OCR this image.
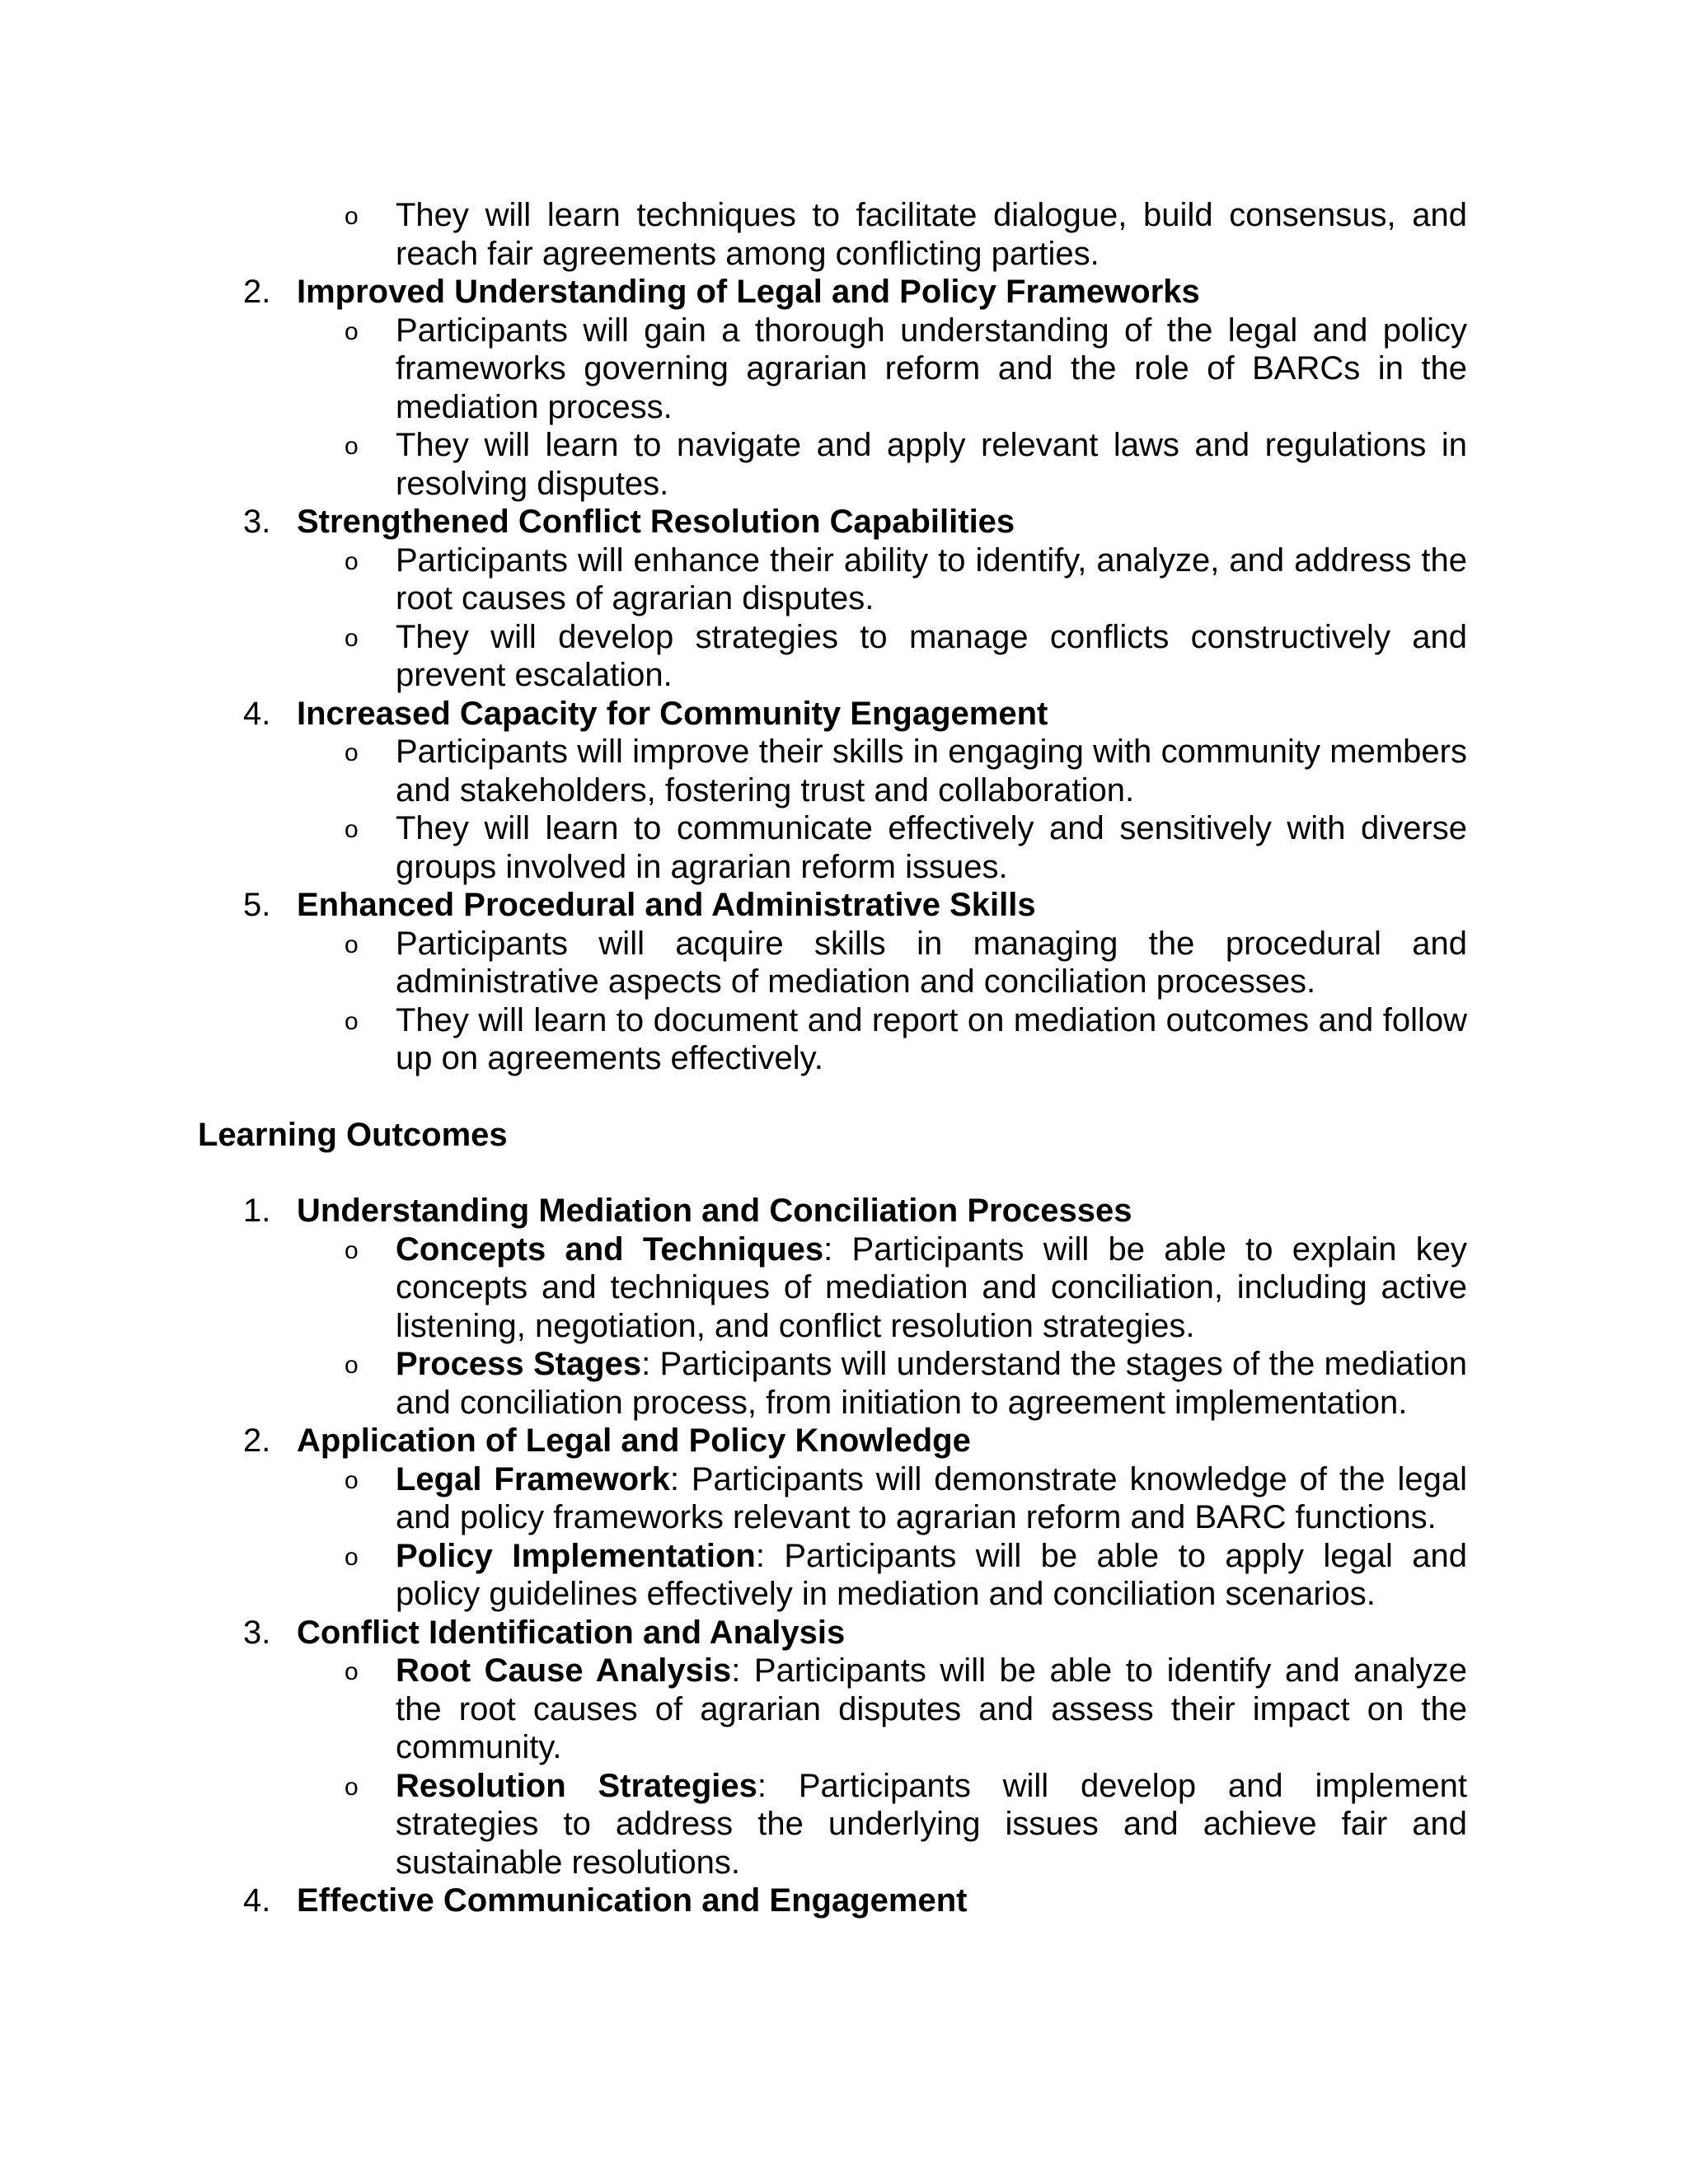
o They will learn techniques to facilitate dialogue, build consensus, and reach fair agreements among conflicting parties.
2. Improved Understanding of Legal and Policy Frameworks
o Participants will gain a thorough understanding of the legal and policy frameworks governing agrarian reform and the role of BARCs in the mediation process.
o They will learn to navigate and apply relevant laws and regulations in resolving disputes.
3. Strengthened Conflict Resolution Capabilities
o Participants will enhance their ability to identify, analyze, and address the root causes of agrarian disputes.
o They will develop strategies to manage conflicts constructively and prevent escalation.
4. Increased Capacity for Community Engagement
o Participants will improve their skills in engaging with community members and stakeholders, fostering trust and collaboration.
o They will learn to communicate effectively and sensitively with diverse groups involved in agrarian reform issues.
5. Enhanced Procedural and Administrative Skills
o Participants will acquire skills in managing the procedural and administrative aspects of mediation and conciliation processes.
o They will learn to document and report on mediation outcomes and follow up on agreements effectively.
Learning Outcomes
1. Understanding Mediation and Conciliation Processes
o Concepts and Techniques: Participants will be able to explain key concepts and techniques of mediation and conciliation, including active listening, negotiation, and conflict resolution strategies.
o Process Stages: Participants will understand the stages of the mediation and conciliation process, from initiation to agreement implementation.
2. Application of Legal and Policy Knowledge
o Legal Framework: Participants will demonstrate knowledge of the legal and policy frameworks relevant to agrarian reform and BARC functions.
o Policy Implementation: Participants will be able to apply legal and policy guidelines effectively in mediation and conciliation scenarios.
3. Conflict Identification and Analysis
o Root Cause Analysis: Participants will be able to identify and analyze the root causes of agrarian disputes and assess their impact on the community.
o Resolution Strategies: Participants will develop and implement strategies to address the underlying issues and achieve fair and sustainable resolutions.
4. Effective Communication and Engagement
